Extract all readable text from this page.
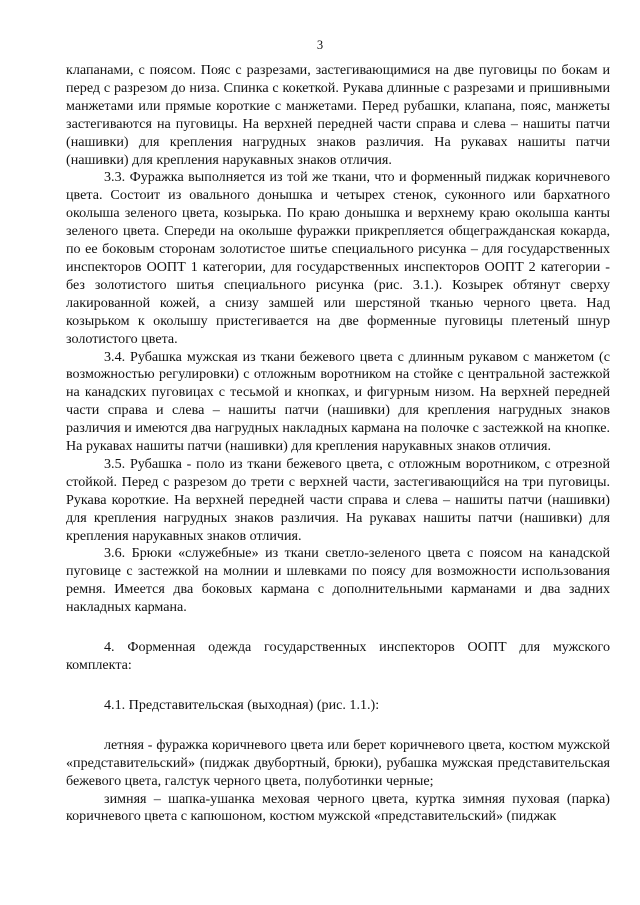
3

клапанами, с поясом. Пояс с разрезами, застегивающимися на две пуговицы по бокам и перед с разрезом до низа. Спинка с кокеткой. Рукава длинные с разрезами и пришивными манжетами или прямые короткие с манжетами. Перед рубашки, клапана, пояс, манжеты застегиваются на пуговицы. На верхней передней части справа и слева – нашиты патчи (нашивки) для крепления нагрудных знаков различия. На рукавах нашиты патчи (нашивки) для крепления нарукавных знаков отличия.

3.3. Фуражка выполняется из той же ткани, что и форменный пиджак коричневого цвета. Состоит из овального донышка и четырех стенок, суконного или бархатного околыша зеленого цвета, козырька. По краю донышка и верхнему краю околыша канты зеленого цвета. Спереди на околыше фуражки прикрепляется общегражданская кокарда, по ее боковым сторонам золотистое шитье специального рисунка – для государственных инспекторов ООПТ 1 категории, для государственных инспекторов ООПТ 2 категории - без золотистого шитья специального рисунка (рис. 3.1.). Козырек обтянут сверху лакированной кожей, а снизу замшей или шерстяной тканью черного цвета. Над козырьком к околышу пристегивается на две форменные пуговицы плетеный шнур золотистого цвета.

3.4. Рубашка мужская из ткани бежевого цвета с длинным рукавом с манжетом (с возможностью регулировки) с отложным воротником на стойке с центральной застежкой на канадских пуговицах с тесьмой и кнопках, и фигурным низом. На верхней передней части справа и слева – нашиты патчи (нашивки) для крепления нагрудных знаков различия и имеются два нагрудных накладных кармана на полочке с застежкой на кнопке. На рукавах нашиты патчи (нашивки) для крепления нарукавных знаков отличия.

3.5. Рубашка - поло из ткани бежевого цвета, с отложным воротником, с отрезной стойкой. Перед с разрезом до трети с верхней части, застегивающийся на три пуговицы. Рукава короткие. На верхней передней части справа и слева – нашиты патчи (нашивки) для крепления нагрудных знаков различия. На рукавах нашиты патчи (нашивки) для крепления нарукавных знаков отличия.

3.6. Брюки «служебные» из ткани светло-зеленого цвета с поясом на канадской пуговице с застежкой на молнии и шлевками по поясу для возможности использования ремня. Имеется два боковых кармана с дополнительными карманами и два задних накладных кармана.

4. Форменная одежда государственных инспекторов ООПТ для мужского комплекта:

4.1. Представительская (выходная) (рис. 1.1.):

летняя - фуражка коричневого цвета или берет коричневого цвета, костюм мужской «представительский» (пиджак двубортный, брюки), рубашка мужская представительская бежевого цвета, галстук черного цвета, полуботинки черные;

зимняя – шапка-ушанка меховая черного цвета, куртка зимняя пуховая (парка) коричневого цвета с капюшоном, костюм мужской «представительский» (пиджак
